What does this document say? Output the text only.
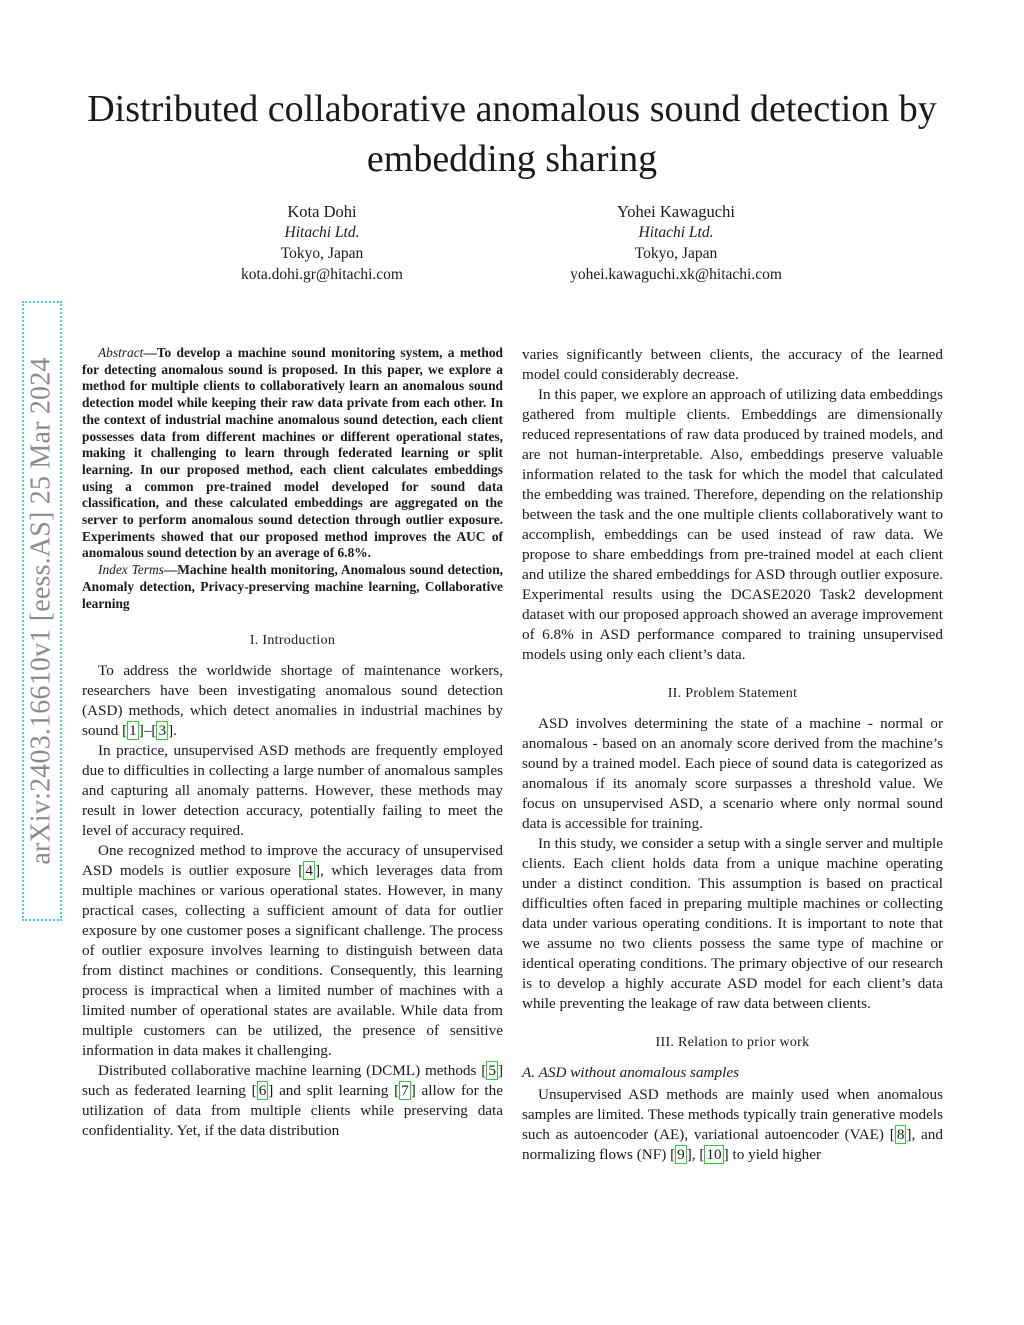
Distributed collaborative anomalous sound detection by embedding sharing
Kota Dohi
Hitachi Ltd.
Tokyo, Japan
kota.dohi.gr@hitachi.com
Yohei Kawaguchi
Hitachi Ltd.
Tokyo, Japan
yohei.kawaguchi.xk@hitachi.com
arXiv:2403.16610v1 [eess.AS] 25 Mar 2024

Abstract—To develop a machine sound monitoring system, a method for detecting anomalous sound is proposed. In this paper, we explore a method for multiple clients to collaboratively learn an anomalous sound detection model while keeping their raw data private from each other. In the context of industrial machine anomalous sound detection, each client possesses data from different machines or different operational states, making it challenging to learn through federated learning or split learning. In our proposed method, each client calculates embeddings using a common pre-trained model developed for sound data classification, and these calculated embeddings are aggregated on the server to perform anomalous sound detection through outlier exposure. Experiments showed that our proposed method improves the AUC of anomalous sound detection by an average of 6.8%.

Index Terms—Machine health monitoring, Anomalous sound detection, Anomaly detection, Privacy-preserving machine learning, Collaborative learning

I. Introduction

To address the worldwide shortage of maintenance workers, researchers have been investigating anomalous sound detection (ASD) methods, which detect anomalies in industrial machines by sound [ 1 ]–[ 3 ].

In practice, unsupervised ASD methods are frequently employed due to difficulties in collecting a large number of anomalous samples and capturing all anomaly patterns. However, these methods may result in lower detection accuracy, potentially failing to meet the level of accuracy required.

One recognized method to improve the accuracy of unsupervised ASD models is outlier exposure [ 4 ], which leverages data from multiple machines or various operational states. However, in many practical cases, collecting a sufficient amount of data for outlier exposure by one customer poses a significant challenge. The process of outlier exposure involves learning to distinguish between data from distinct machines or conditions. Consequently, this learning process is impractical when a limited number of machines with a limited number of operational states are available. While data from multiple customers can be utilized, the presence of sensitive information in data makes it challenging.

Distributed collaborative machine learning (DCML) methods [ 5 ] such as federated learning [ 6 ] and split learning [ 7 ] allow for the utilization of data from multiple clients while preserving data confidentiality. Yet, if the data distribution

varies significantly between clients, the accuracy of the learned model could considerably decrease.

In this paper, we explore an approach of utilizing data embeddings gathered from multiple clients. Embeddings are dimensionally reduced representations of raw data produced by trained models, and are not human-interpretable. Also, embeddings preserve valuable information related to the task for which the model that calculated the embedding was trained. Therefore, depending on the relationship between the task and the one multiple clients collaboratively want to accomplish, embeddings can be used instead of raw data. We propose to share embeddings from pre-trained model at each client and utilize the shared embeddings for ASD through outlier exposure. Experimental results using the DCASE2020 Task2 development dataset with our proposed approach showed an average improvement of 6.8% in ASD performance compared to training unsupervised models using only each client’s data.

II. Problem Statement

ASD involves determining the state of a machine - normal or anomalous - based on an anomaly score derived from the machine’s sound by a trained model. Each piece of sound data is categorized as anomalous if its anomaly score surpasses a threshold value. We focus on unsupervised ASD, a scenario where only normal sound data is accessible for training.

In this study, we consider a setup with a single server and multiple clients. Each client holds data from a unique machine operating under a distinct condition. This assumption is based on practical difficulties often faced in preparing multiple machines or collecting data under various operating conditions. It is important to note that we assume no two clients possess the same type of machine or identical operating conditions. The primary objective of our research is to develop a highly accurate ASD model for each client’s data while preventing the leakage of raw data between clients.

III. Relation to prior work
A. ASD without anomalous samples

Unsupervised ASD methods are mainly used when anomalous samples are limited. These methods typically train generative models such as autoencoder (AE), variational autoencoder (VAE) [ 8 ], and normalizing flows (NF) [ 9 ], [ 10 ] to yield higher
